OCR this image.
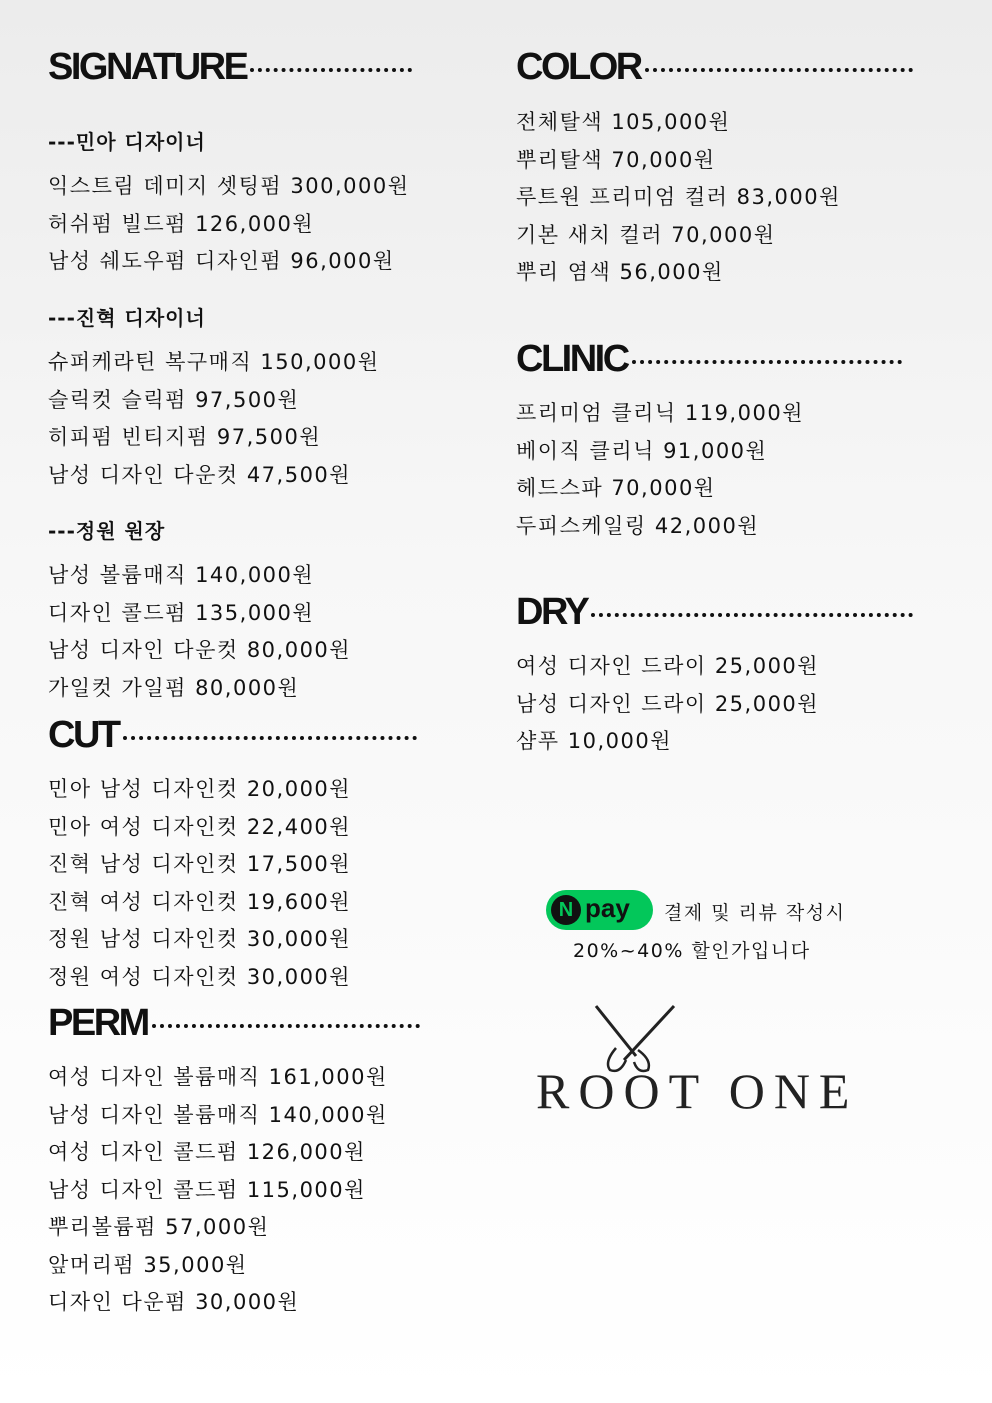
SIGNATURE
---민아 디자이너
익스트림 데미지 셋팅펌 300,000원
허쉬펌 빌드펌 126,000원
남성 쉐도우펌 디자인펌 96,000원
---진혁 디자이너
슈퍼케라틴 복구매직 150,000원
슬릭컷 슬릭펌 97,500원
히피펌 빈티지펌 97,500원
남성 디자인 다운컷 47,500원
---정원 원장
남성 볼륨매직 140,000원
디자인 콜드펌 135,000원
남성 디자인 다운컷 80,000원
가일컷 가일펌 80,000원
CUT
민아 남성 디자인컷 20,000원
민아 여성 디자인컷 22,400원
진혁 남성 디자인컷 17,500원
진혁 여성 디자인컷 19,600원
정원 남성 디자인컷 30,000원
정원 여성 디자인컷 30,000원
PERM
여성 디자인 볼륨매직 161,000원
남성 디자인 볼륨매직 140,000원
여성 디자인 콜드펌 126,000원
남성 디자인 콜드펌 115,000원
뿌리볼륨펌 57,000원
앞머리펌 35,000원
디자인 다운펌 30,000원
COLOR
전체탈색 105,000원
뿌리탈색 70,000원
루트원 프리미엄 컬러 83,000원
기본 새치 컬러 70,000원
뿌리 염색 56,000원
CLINIC
프리미엄 클리닉 119,000원
베이직 클리닉 91,000원
헤드스파 70,000원
두피스케일링 42,000원
DRY
여성 디자인 드라이 25,000원
남성 디자인 드라이 25,000원
샴푸 10,000원
N pay 결제 및 리뷰 작성시
20%~40% 할인가입니다
ROOT ONE
